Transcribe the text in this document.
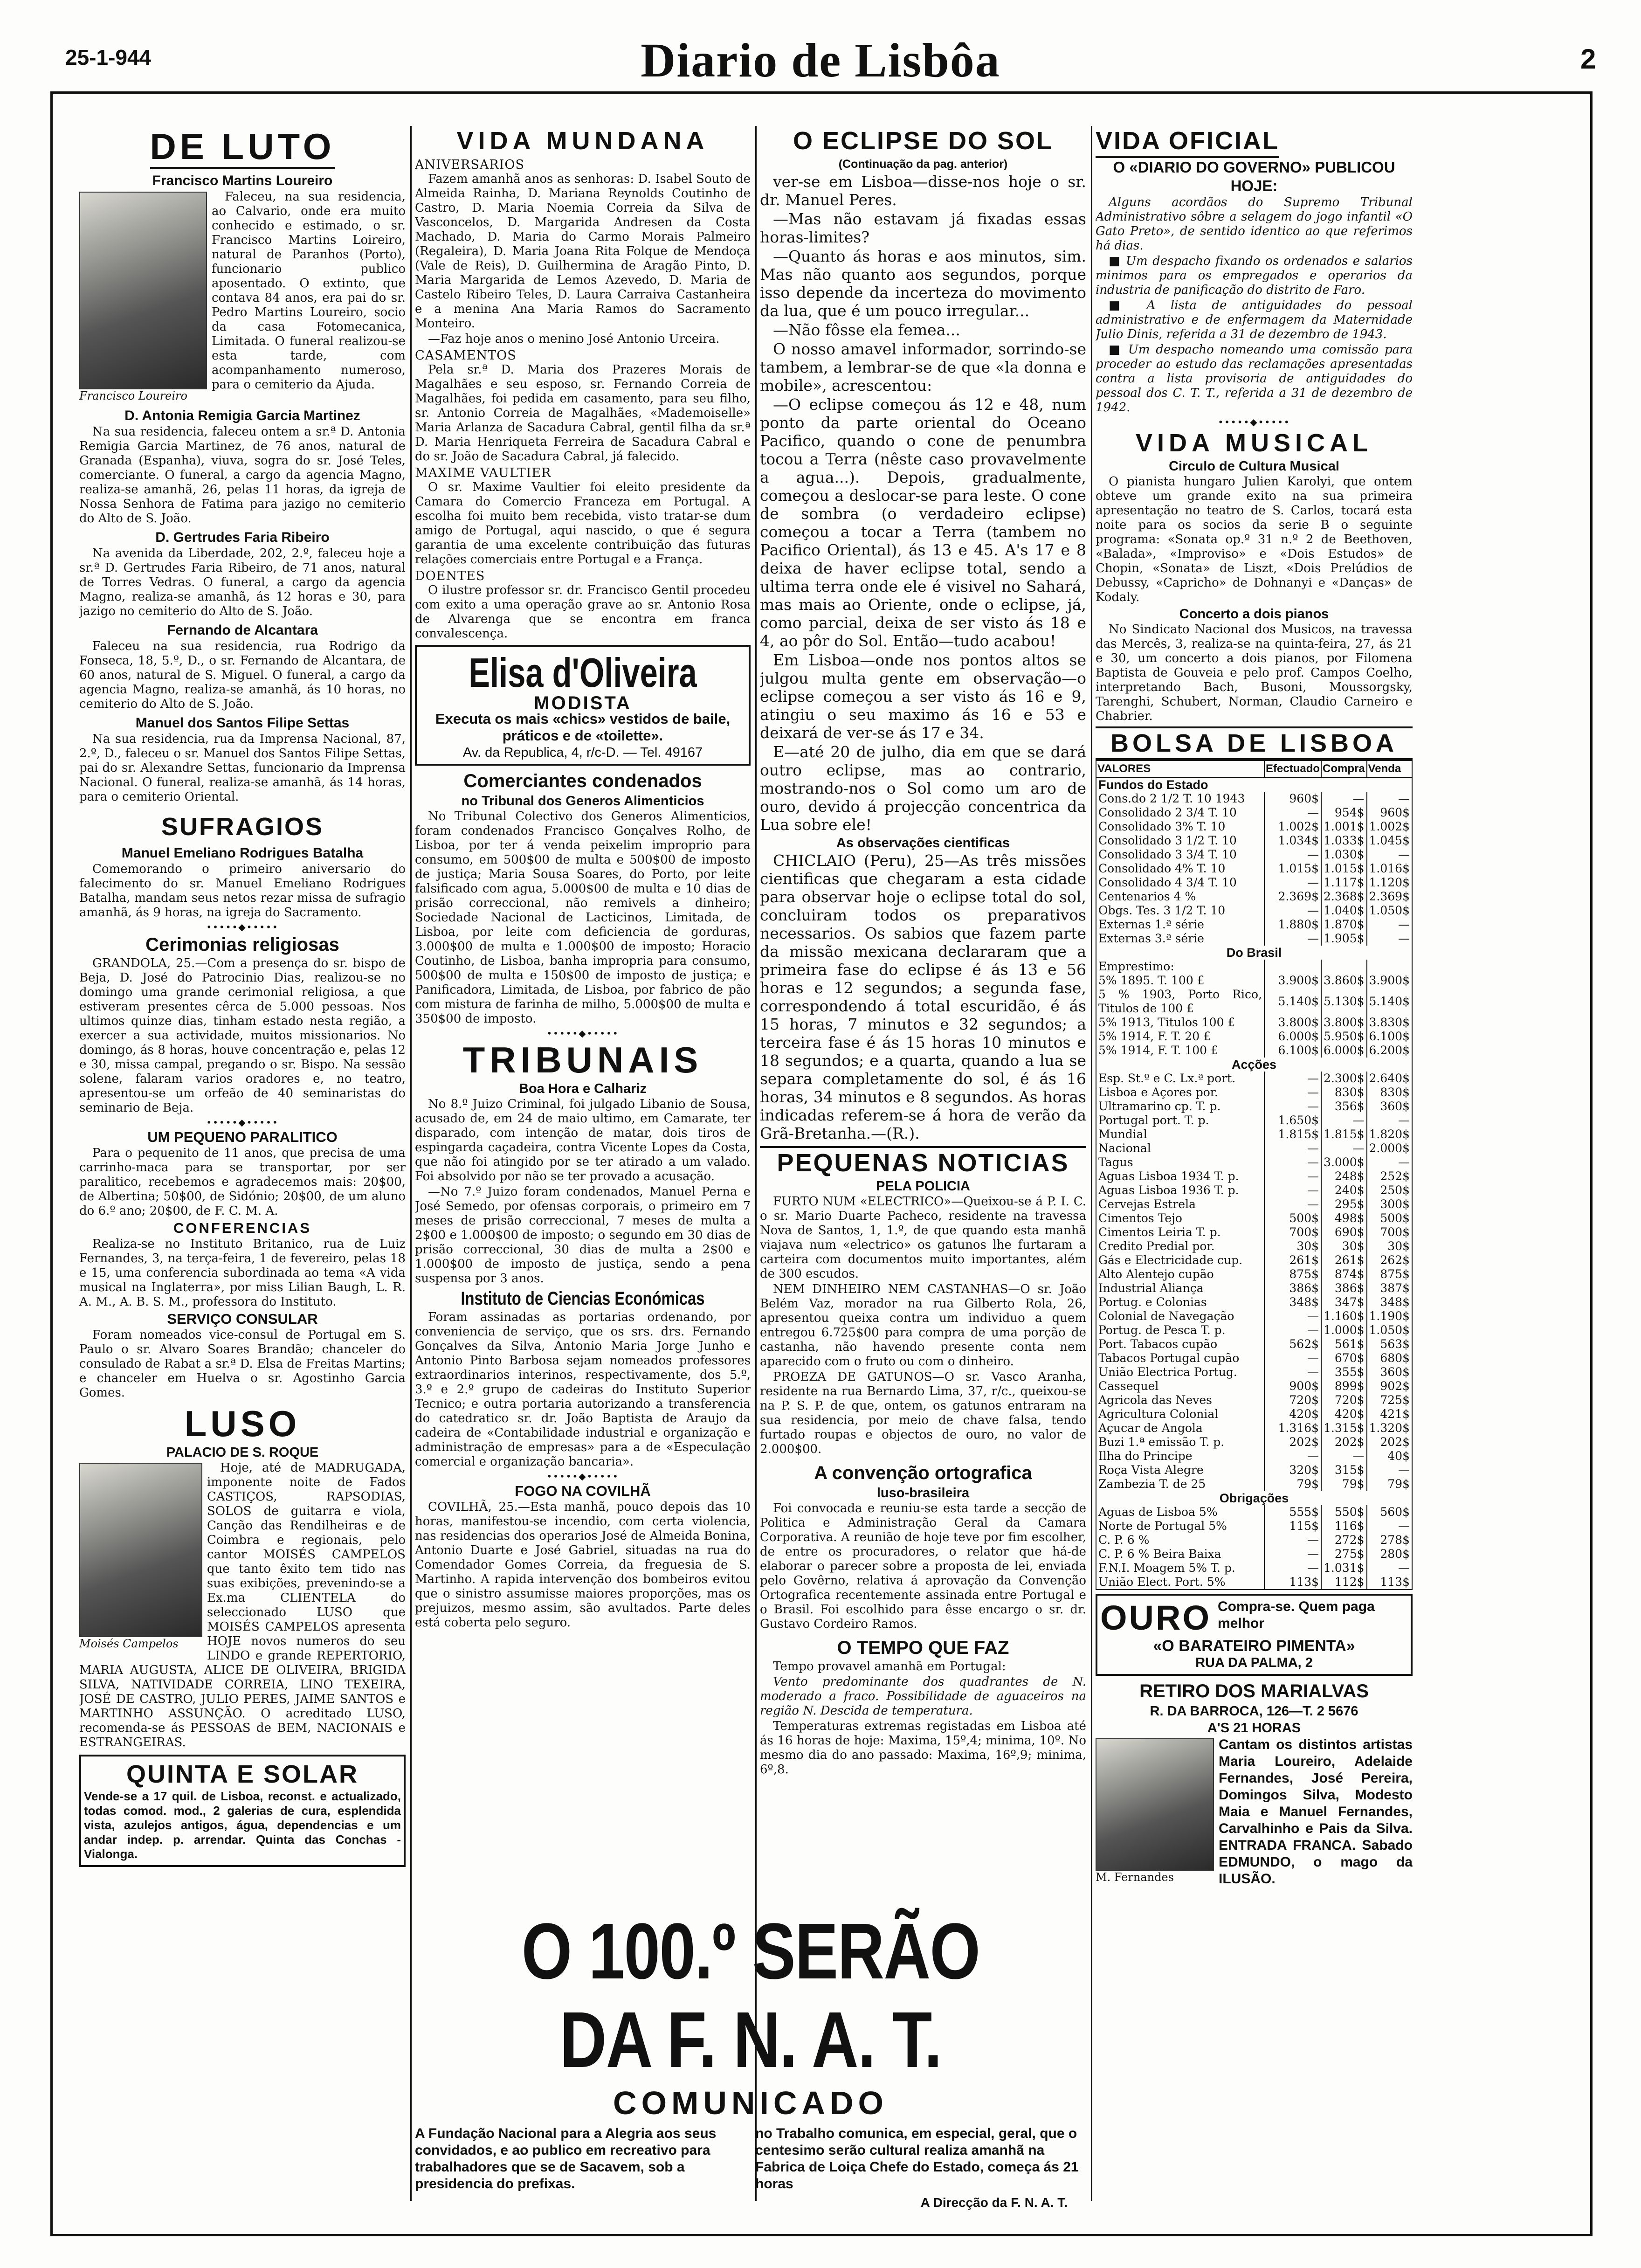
25-1-944	Diario de Lisbôa	2
DE LUTO
Francisco Martins Loureiro
Francisco Loureiro

Faleceu, na sua residencia, ao Calvario, onde era muito conhecido e estimado, o sr. Francisco Martins Loireiro, natural de Paranhos (Porto), funcionario publico aposentado. O extinto, que contava 84 anos, era pai do sr. Pedro Martins Loureiro, socio da casa Fotomecanica, Limitada. O funeral realizou-se esta tarde, com acompanhamento numeroso, para o cemiterio da Ajuda.

D. Antonia Remigia Garcia Martinez

Na sua residencia, faleceu ontem a sr.ª D. Antonia Remigia Garcia Martinez, de 76 anos, natural de Granada (Espanha), viuva, sogra do sr. José Teles, comerciante. O funeral, a cargo da agencia Magno, realiza-se amanhã, 26, pelas 11 horas, da igreja de Nossa Senhora de Fatima para jazigo no cemiterio do Alto de S. João.

D. Gertrudes Faria Ribeiro

Na avenida da Liberdade, 202, 2.º, faleceu hoje a sr.ª D. Gertrudes Faria Ribeiro, de 71 anos, natural de Torres Vedras. O funeral, a cargo da agencia Magno, realiza-se amanhã, ás 12 horas e 30, para jazigo no cemiterio do Alto de S. João.

Fernando de Alcantara

Faleceu na sua residencia, rua Rodrigo da Fonseca, 18, 5.º, D., o sr. Fernando de Alcantara, de 60 anos, natural de S. Miguel. O funeral, a cargo da agencia Magno, realiza-se amanhã, ás 10 horas, no cemiterio do Alto de S. João.

Manuel dos Santos Filipe Settas

Na sua residencia, rua da Imprensa Nacional, 87, 2.º, D., faleceu o sr. Manuel dos Santos Filipe Settas, pai do sr. Alexandre Settas, funcionario da Imprensa Nacional. O funeral, realiza-se amanhã, ás 14 horas, para o cemiterio Oriental.

SUFRAGIOS
Manuel Emeliano Rodrigues Batalha

Comemorando o primeiro aniversario do falecimento do sr. Manuel Emeliano Rodrigues Batalha, mandam seus netos rezar missa de sufragio amanhã, ás 9 horas, na igreja do Sacramento.

•••••◆•••••
Cerimonias religiosas

GRANDOLA, 25.—Com a presença do sr. bispo de Beja, D. José do Patrocinio Dias, realizou-se no domingo uma grande cerimonial religiosa, a que estiveram presentes cêrca de 5.000 pessoas. Nos ultimos quinze dias, tinham estado nesta região, a exercer a sua actividade, muitos missionarios. No domingo, ás 8 horas, houve concentração e, pelas 12 e 30, missa campal, pregando o sr. Bispo. Na sessão solene, falaram varios oradores e, no teatro, apresentou-se um orfeão de 40 seminaristas do seminario de Beja.

•••••◆•••••
UM PEQUENO PARALITICO

Para o pequenito de 11 anos, que precisa de uma carrinho-maca para se transportar, por ser paralitico, recebemos e agradecemos mais: 20$00, de Albertina; 50$00, de Sidónio; 20$00, de um aluno do 6.º ano; 20$00, de F. C. M. A.

CONFERENCIAS

Realiza-se no Instituto Britanico, rua de Luiz Fernandes, 3, na terça-feira, 1 de fevereiro, pelas 18 e 15, uma conferencia subordinada ao tema «A vida musical na Inglaterra», por miss Lilian Baugh, L. R. A. M., A. B. S. M., professora do Instituto.

SERVIÇO CONSULAR

Foram nomeados vice-consul de Portugal em S. Paulo o sr. Alvaro Soares Brandão; chanceler do consulado de Rabat a sr.ª D. Elsa de Freitas Martins; e chanceler em Huelva o sr. Agostinho Garcia Gomes.

LUSO
PALACIO DE S. ROQUE
Moisés Campelos

Hoje, até de MADRUGADA, imponente noite de Fados CASTIÇOS, RAPSODIAS, SOLOS de guitarra e viola, Canção das Rendilheiras e de Coimbra e regionais, pelo cantor MOISÉS CAMPELOS que tanto êxito tem tido nas suas exibições, prevenindo-se a Ex.ma CLIENTELA do seleccionado LUSO que MOISÉS CAMPELOS apresenta HOJE novos numeros do seu LINDO e grande REPERTORIO, MARIA AUGUSTA, ALICE DE OLIVEIRA, BRIGIDA SILVA, NATIVIDADE CORREIA, LINO TEXEIRA, JOSÉ DE CASTRO, JULIO PERES, JAIME SANTOS e MARTINHO ASSUNÇÃO. O acreditado LUSO, recomenda-se ás PESSOAS de BEM, NACIONAIS e ESTRANGEIRAS.

QUINTA E SOLAR

Vende-se a 17 quil. de Lisboa, reconst. e actualizado, todas comod. mod., 2 galerias de cura, esplendida vista, azulejos antigos, água, dependencias e um andar indep. p. arrendar. Quinta das Conchas - Vialonga.

VIDA MUNDANA
ANIVERSARIOS

Fazem amanhã anos as senhoras: D. Isabel Souto de Almeida Rainha, D. Mariana Reynolds Coutinho de Castro, D. Maria Noemia Correia da Silva de Vasconcelos, D. Margarida Andresen da Costa Machado, D. Maria do Carmo Morais Palmeiro (Regaleira), D. Maria Joana Rita Folque de Mendoça (Vale de Reis), D. Guilhermina de Aragão Pinto, D. Maria Margarida de Lemos Azevedo, D. Maria de Castelo Ribeiro Teles, D. Laura Carraiva Castanheira e a menina Ana Maria Ramos do Sacramento Monteiro.

—Faz hoje anos o menino José Antonio Urceira.

CASAMENTOS

Pela sr.ª D. Maria dos Prazeres Morais de Magalhães e seu esposo, sr. Fernando Correia de Magalhães, foi pedida em casamento, para seu filho, sr. Antonio Correia de Magalhães, «Mademoiselle» Maria Arlanza de Sacadura Cabral, gentil filha da sr.ª D. Maria Henriqueta Ferreira de Sacadura Cabral e do sr. João de Sacadura Cabral, já falecido.

MAXIME VAULTIER

O sr. Maxime Vaultier foi eleito presidente da Camara do Comercio Franceza em Portugal. A escolha foi muito bem recebida, visto tratar-se dum amigo de Portugal, aqui nascido, o que é segura garantia de uma excelente contribuição das futuras relações comerciais entre Portugal e a França.

DOENTES

O ilustre professor sr. dr. Francisco Gentil procedeu com exito a uma operação grave ao sr. Antonio Rosa de Alvarenga que se encontra em franca convalescença.

Elisa d'Oliveira
MODISTA
Executa os mais «chics» vestidos de baile, práticos e de «toilette».
Av. da Republica, 4, r/c-D. — Tel. 49167
Comerciantes condenados
no Tribunal dos Generos Alimenticios

No Tribunal Colectivo dos Generos Alimenticios, foram condenados Francisco Gonçalves Rolho, de Lisboa, por ter á venda peixelim improprio para consumo, em 500$00 de multa e 500$00 de imposto de justiça; Maria Sousa Soares, do Porto, por leite falsificado com agua, 5.000$00 de multa e 10 dias de prisão correccional, não remivels a dinheiro; Sociedade Nacional de Lacticinos, Limitada, de Lisboa, por leite com deficiencia de gorduras, 3.000$00 de multa e 1.000$00 de imposto; Horacio Coutinho, de Lisboa, banha impropria para consumo, 500$00 de multa e 150$00 de imposto de justiça; e Panificadora, Limitada, de Lisboa, por fabrico de pão com mistura de farinha de milho, 5.000$00 de multa e 350$00 de imposto.

•••••◆•••••
TRIBUNAIS
Boa Hora e Calhariz

No 8.º Juizo Criminal, foi julgado Libanio de Sousa, acusado de, em 24 de maio ultimo, em Camarate, ter disparado, com intenção de matar, dois tiros de espingarda caçadeira, contra Vicente Lopes da Costa, que não foi atingido por se ter atirado a um valado. Foi absolvido por não se ter provado a acusação.

—No 7.º Juizo foram condenados, Manuel Perna e José Semedo, por ofensas corporais, o primeiro em 7 meses de prisão correccional, 7 meses de multa a 2$00 e 1.000$00 de imposto; o segundo em 30 dias de prisão correccional, 30 dias de multa a 2$00 e 1.000$00 de imposto de justiça, sendo a pena suspensa por 3 anos.

Instituto de Ciencias Económicas

Foram assinadas as portarias ordenando, por conveniencia de serviço, que os srs. drs. Fernando Gonçalves da Silva, Antonio Maria Jorge Junho e Antonio Pinto Barbosa sejam nomeados professores extraordinarios interinos, respectivamente, dos 5.º, 3.º e 2.º grupo de cadeiras do Instituto Superior Tecnico; e outra portaria autorizando a transferencia do catedratico sr. dr. João Baptista de Araujo da cadeira de «Contabilidade industrial e organização e administração de empresas» para a de «Especulação comercial e organização bancaria».

•••••◆•••••
FOGO NA COVILHÃ

COVILHÃ, 25.—Esta manhã, pouco depois das 10 horas, manifestou-se incendio, com certa violencia, nas residencias dos operarios José de Almeida Bonina, Antonio Duarte e José Gabriel, situadas na rua do Comendador Gomes Correia, da freguesia de S. Martinho. A rapida intervenção dos bombeiros evitou que o sinistro assumisse maiores proporções, mas os prejuizos, mesmo assim, são avultados. Parte deles está coberta pelo seguro.

O ECLIPSE DO SOL
(Continuação da pag. anterior)

ver-se em Lisboa—disse-nos hoje o sr. dr. Manuel Peres.

—Mas não estavam já fixadas essas horas-limites?

—Quanto ás horas e aos minutos, sim. Mas não quanto aos segundos, porque isso depende da incerteza do movimento da lua, que é um pouco irregular...

—Não fôsse ela femea...

O nosso amavel informador, sorrindo-se tambem, a lembrar-se de que «la donna e mobile», acrescentou:

—O eclipse começou ás 12 e 48, num ponto da parte oriental do Oceano Pacifico, quando o cone de penumbra tocou a Terra (nêste caso provavelmente a agua...). Depois, gradualmente, começou a deslocar-se para leste. O cone de sombra (o verdadeiro eclipse) começou a tocar a Terra (tambem no Pacifico Oriental), ás 13 e 45. A's 17 e 8 deixa de haver eclipse total, sendo a ultima terra onde ele é visivel no Sahará, mas mais ao Oriente, onde o eclipse, já, como parcial, deixa de ser visto ás 18 e 4, ao pôr do Sol. Então—tudo acabou!

Em Lisboa—onde nos pontos altos se julgou multa gente em observação—o eclipse começou a ser visto ás 16 e 9, atingiu o seu maximo ás 16 e 53 e deixará de ver-se ás 17 e 34.

E—até 20 de julho, dia em que se dará outro eclipse, mas ao contrario, mostrando-nos o Sol como um aro de ouro, devido á projecção concentrica da Lua sobre ele!

As observações cientificas

CHICLAIO (Peru), 25—As três missões cientificas que chegaram a esta cidade para observar hoje o eclipse total do sol, concluiram todos os preparativos necessarios. Os sabios que fazem parte da missão mexicana declararam que a primeira fase do eclipse é ás 13 e 56 horas e 12 segundos; a segunda fase, correspondendo á total escuridão, é ás 15 horas, 7 minutos e 32 segundos; a terceira fase é ás 15 horas 10 minutos e 18 segundos; e a quarta, quando a lua se separa completamente do sol, é ás 16 horas, 34 minutos e 8 segundos. As horas indicadas referem-se á hora de verão da Grã-Bretanha.—(R.).

PEQUENAS NOTICIAS
PELA POLICIA

FURTO NUM «ELECTRICO»—Queixou-se á P. I. C. o sr. Mario Duarte Pacheco, residente na travessa Nova de Santos, 1, 1.º, de que quando esta manhã viajava num «electrico» os gatunos lhe furtaram a carteira com documentos muito importantes, além de 300 escudos.

NEM DINHEIRO NEM CASTANHAS—O sr. João Belém Vaz, morador na rua Gilberto Rola, 26, apresentou queixa contra um individuo a quem entregou 6.725$00 para compra de uma porção de castanha, não havendo presente conta nem aparecido com o fruto ou com o dinheiro.

PROEZA DE GATUNOS—O sr. Vasco Aranha, residente na rua Bernardo Lima, 37, r/c., queixou-se na P. S. P. de que, ontem, os gatunos entraram na sua residencia, por meio de chave falsa, tendo furtado roupas e objectos de ouro, no valor de 2.000$00.

A convenção ortografica
luso-brasileira

Foi convocada e reuniu-se esta tarde a secção de Politica e Administração Geral da Camara Corporativa. A reunião de hoje teve por fim escolher, de entre os procuradores, o relator que há-de elaborar o parecer sobre a proposta de lei, enviada pelo Govêrno, relativa á aprovação da Convenção Ortografica recentemente assinada entre Portugal e o Brasil. Foi escolhido para êsse encargo o sr. dr. Gustavo Cordeiro Ramos.

O TEMPO QUE FAZ

Tempo provavel amanhã em Portugal:

Vento predominante dos quadrantes de N. moderado a fraco. Possibilidade de aguaceiros na região N. Descida de temperatura.

Temperaturas extremas registadas em Lisboa até ás 16 horas de hoje: Maxima, 15º,4; minima, 10º. No mesmo dia do ano passado: Maxima, 16º,9; minima, 6º,8.

VIDA OFICIAL
O «DIARIO DO GOVERNO» PUBLICOU HOJE:

Alguns acordãos do Supremo Tribunal Administrativo sôbre a selagem do jogo infantil «O Gato Preto», de sentido identico ao que referimos há dias.

■ Um despacho fixando os ordenados e salarios minimos para os empregados e operarios da industria de panificação do distrito de Faro.

■ A lista de antiguidades do pessoal administrativo e de enfermagem da Maternidade Julio Dinis, referida a 31 de dezembro de 1943.

■ Um despacho nomeando uma comissão para proceder ao estudo das reclamações apresentadas contra a lista provisoria de antiguidades do pessoal dos C. T. T., referida a 31 de dezembro de 1942.

•••••◆•••••
VIDA MUSICAL
Circulo de Cultura Musical

O pianista hungaro Julien Karolyi, que ontem obteve um grande exito na sua primeira apresentação no teatro de S. Carlos, tocará esta noite para os socios da serie B o seguinte programa: «Sonata op.º 31 n.º 2 de Beethoven, «Balada», «Improviso» e «Dois Estudos» de Chopin, «Sonata» de Liszt, «Dois Prelúdios de Debussy, «Capricho» de Dohnanyi e «Danças» de Kodaly.

Concerto a dois pianos

No Sindicato Nacional dos Musicos, na travessa das Mercês, 3, realiza-se na quinta-feira, 27, ás 21 e 30, um concerto a dois pianos, por Filomena Baptista de Gouveia e pelo prof. Campos Coelho, interpretando Bach, Busoni, Moussorgsky, Tarenghi, Schubert, Norman, Claudio Carneiro e Chabrier.

BOLSA DE LISBOA
VALORES	Efectuado	Compra	Venda
Fundos do Estado			
Cons.do 2 1/2 T. 10 1943	960$	—	—
Consolidado 2 3/4 T. 10	—	954$	960$
Consolidado 3% T. 10	1.002$	1.001$	1.002$
Consolidado 3 1/2 T. 10	1.034$	1.033$	1.045$
Consolidado 3 3/4 T. 10	—	1.030$	—
Consolidado 4% T. 10	1.015$	1.015$	1.016$
Consolidado 4 3/4 T. 10	—	1.117$	1.120$
Centenarios 4 %	2.369$	2.368$	2.369$
Obgs. Tes. 3 1/2 T. 10	—	1.040$	1.050$
Externas 1.ª série	1.880$	1.870$	—
Externas 3.ª série	—	1.905$	—
Do Brasil			
Emprestimo:			
5% 1895. T. 100 £	3.900$	3.860$	3.900$
5 % 1903, Porto Rico, Titulos de 100 £	5.140$	5.130$	5.140$
5% 1913, Titulos 100 £	3.800$	3.800$	3.830$
5% 1914, F. T. 20 £	6.000$	5.950$	6.100$
5% 1914, F. T. 100 £	6.100$	6.000$	6.200$
Acções			
Esp. St.º e C. Lx.ª port.	—	2.300$	2.640$
Lisboa e Açores por.	—	830$	830$
Ultramarino cp. T. p.	—	356$	360$
Portugal port. T. p.	1.650$	—	—
Mundial	1.815$	1.815$	1.820$
Nacional	—	—	2.000$
Tagus	—	3.000$	—
Aguas Lisboa 1934 T. p.	—	248$	252$
Aguas Lisboa 1936 T. p.	—	240$	250$
Cervejas Estrela	—	295$	300$
Cimentos Tejo	500$	498$	500$
Cimentos Leiria T. p.	700$	690$	700$
Credito Predial por.	30$	30$	30$
Gás e Electricidade cup.	261$	261$	262$
Alto Alentejo cupão	875$	874$	875$
Industrial Aliança	386$	386$	387$
Portug. e Colonias	348$	347$	348$
Colonial de Navegação	—	1.160$	1.190$
Portug. de Pesca T. p.	—	1.000$	1.050$
Port. Tabacos cupão	562$	561$	563$
Tabacos Portugal cupão	—	670$	680$
União Electrica Portug.	—	355$	360$
Cassequel	900$	899$	902$
Agricola das Neves	720$	720$	725$
Agricultura Colonial	420$	420$	421$
Açucar de Angola	1.316$	1.315$	1.320$
Buzi 1.ª emissão T. p.	202$	202$	202$
Ilha do Principe	—	—	40$
Roça Vista Alegre	320$	315$	—
Zambezia T. de 25	79$	79$	79$
Obrigações			
Aguas de Lisboa 5%	555$	550$	560$
Norte de Portugal 5%	115$	116$	—
C. P. 6 %	—	272$	278$
C. P. 6 % Beira Baixa	—	275$	280$
F.N.I. Moagem 5% T. p.	—	1.031$	—
União Elect. Port. 5%	113$	112$	113$
OURO Compra-se. Quem paga melhor
«O BARATEIRO PIMENTA»
RUA DA PALMA, 2
RETIRO DOS MARIALVAS
R. DA BARROCA, 126—T. 2 5676
A'S 21 HORAS
M. Fernandes

Cantam os distintos artistas Maria Loureiro, Adelaide Fernandes, José Pereira, Domingos Silva, Modesto Maia e Manuel Fernandes, Carvalhinho e Pais da Silva. ENTRADA FRANCA. Sabado EDMUNDO, o mago da ILUSÃO.

O 100.º SERÃO DA F. N. A. T.
COMUNICADO
A Fundação Nacional para a Alegria aos seus convidados, e ao publico em recreativo para trabalhadores que se de Sacavem, sob a presidencia do prefixas.
no Trabalho comunica, em especial, geral, que o centesimo serão cultural realiza amanhã na Fabrica de Loiça Chefe do Estado, começa ás 21 horas
A Direcção da F. N. A. T.
